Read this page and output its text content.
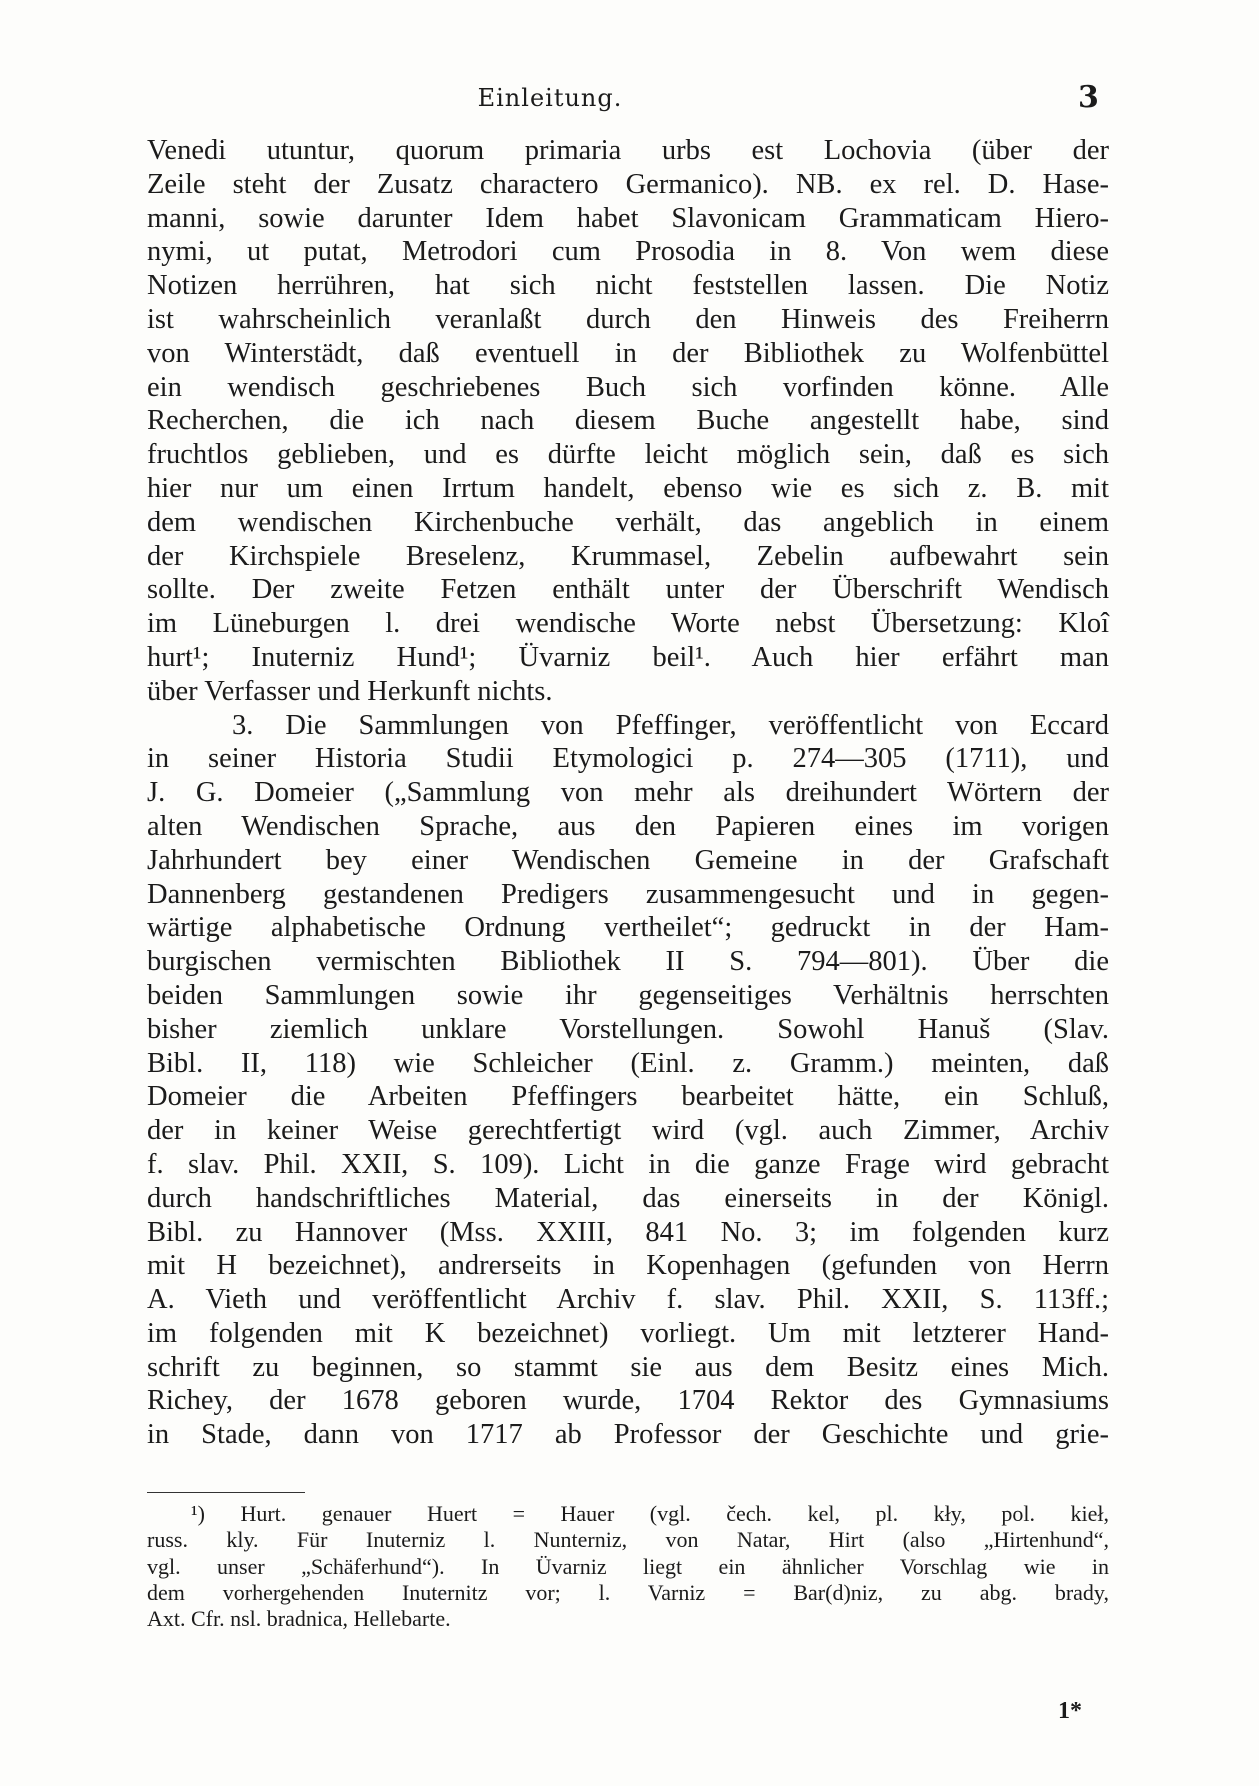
Einleitung.	3
Venedi utuntur, quorum primaria urbs est Lochovia (über der
Zeile steht der Zusatz charactero Germanico). NB. ex rel. D. Hase-
manni, sowie darunter Idem habet Slavonicam Grammaticam Hiero-
nymi, ut putat, Metrodori cum Prosodia in 8. Von wem diese
Notizen herrühren, hat sich nicht feststellen lassen. Die Notiz
ist wahrscheinlich veranlaßt durch den Hinweis des Freiherrn
von Winterstädt, daß eventuell in der Bibliothek zu Wolfenbüttel
ein wendisch geschriebenes Buch sich vorfinden könne. Alle
Recherchen, die ich nach diesem Buche angestellt habe, sind
fruchtlos geblieben, und es dürfte leicht möglich sein, daß es sich
hier nur um einen Irrtum handelt, ebenso wie es sich z. B. mit
dem wendischen Kirchenbuche verhält, das angeblich in einem
der Kirchspiele Breselenz, Krummasel, Zebelin aufbewahrt sein
sollte. Der zweite Fetzen enthält unter der Überschrift Wendisch
im Lüneburgen l. drei wendische Worte nebst Übersetzung: Kloî
hurt¹; Inuterniz Hund¹; Üvarniz beil¹. Auch hier erfährt man
über Verfasser und Herkunft nichts.
3. Die Sammlungen von Pfeffinger, veröffentlicht von Eccard
in seiner Historia Studii Etymologici p. 274—305 (1711), und
J. G. Domeier („Sammlung von mehr als dreihundert Wörtern der
alten Wendischen Sprache, aus den Papieren eines im vorigen
Jahrhundert bey einer Wendischen Gemeine in der Grafschaft
Dannenberg gestandenen Predigers zusammengesucht und in gegen-
wärtige alphabetische Ordnung vertheilet“; gedruckt in der Ham-
burgischen vermischten Bibliothek II S. 794—801). Über die
beiden Sammlungen sowie ihr gegenseitiges Verhältnis herrschten
bisher ziemlich unklare Vorstellungen. Sowohl Hanuš (Slav.
Bibl. II, 118) wie Schleicher (Einl. z. Gramm.) meinten, daß
Domeier die Arbeiten Pfeffingers bearbeitet hätte, ein Schluß,
der in keiner Weise gerechtfertigt wird (vgl. auch Zimmer, Archiv
f. slav. Phil. XXII, S. 109). Licht in die ganze Frage wird gebracht
durch handschriftliches Material, das einerseits in der Königl.
Bibl. zu Hannover (Mss. XXIII, 841 No. 3; im folgenden kurz
mit H bezeichnet), andrerseits in Kopenhagen (gefunden von Herrn
A. Vieth und veröffentlicht Archiv f. slav. Phil. XXII, S. 113ff.;
im folgenden mit K bezeichnet) vorliegt. Um mit letzterer Hand-
schrift zu beginnen, so stammt sie aus dem Besitz eines Mich.
Richey, der 1678 geboren wurde, 1704 Rektor des Gymnasiums
in Stade, dann von 1717 ab Professor der Geschichte und grie-
¹) Hurt. genauer Huert = Hauer (vgl. čech. kel, pl. kły, pol. kieł,
russ. kly. Für Inuterniz l. Nunterniz, von Natar, Hirt (also „Hirtenhund“,
vgl. unser „Schäferhund“). In Üvarniz liegt ein ähnlicher Vorschlag wie in
dem vorhergehenden Inuternitz vor; l. Varniz = Bar(d)niz, zu abg. brady,
Axt. Cfr. nsl. bradnica, Hellebarte.
1*
